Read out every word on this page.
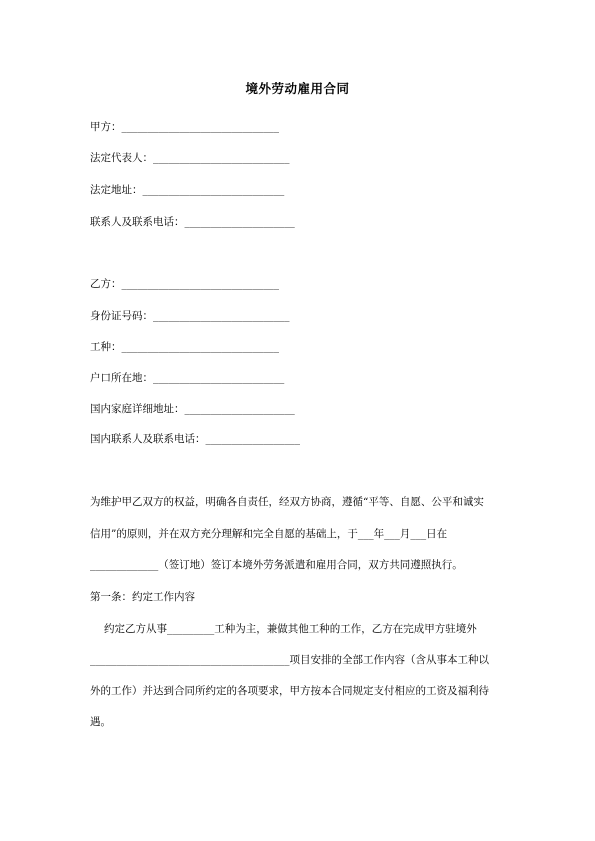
境外劳动雇用合同
甲方：______________________________
法定代表人：__________________________
法定地址：___________________________
联系人及联系电话：_____________________
乙方：______________________________
身份证号码：__________________________
工种：______________________________
户口所在地：_________________________
国内家庭详细地址：_____________________
国内联系人及联系电话：__________________
为维护甲乙双方的权益，明确各自责任，经双方协商，遵循“平等、自愿、公平和诚实
信用”的原则，并在双方充分理解和完全自愿的基础上，于___年___月___日在
_____________（签订地）签订本境外劳务派遣和雇用合同，双方共同遵照执行。
第一条：约定工作内容
约定乙方从事_________工种为主，兼做其他工种的工作，乙方在完成甲方驻境外
______________________________________项目安排的全部工作内容（含从事本工种以
外的工作）并达到合同所约定的各项要求，甲方按本合同规定支付相应的工资及福利待
遇。
